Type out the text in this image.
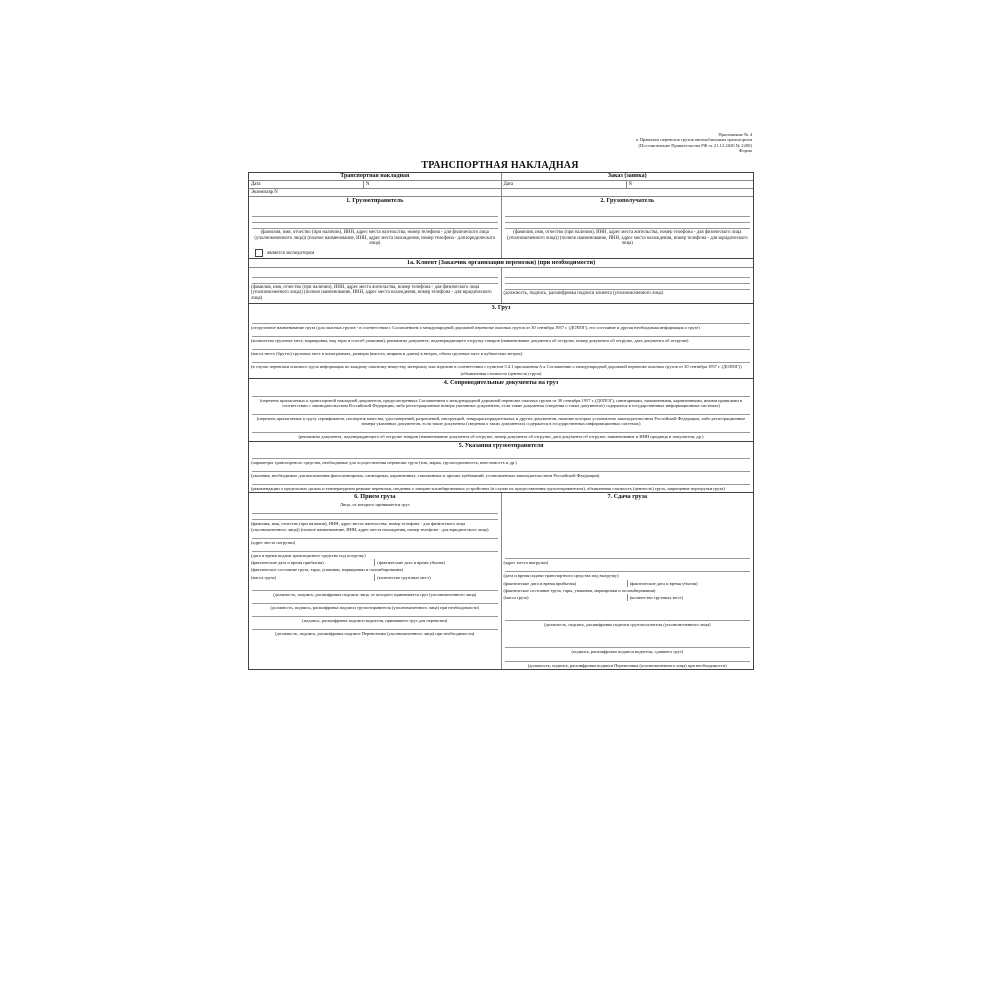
Приложение № 4
к Правилам перевозок грузов автомобильным транспортом
(Постановление Правительства РФ от 21.12.2020 № 2200)
Форма
ТРАНСПОРТНАЯ НАКЛАДНАЯ
Транспортная накладная
Дата	N
Экземпляр N
Заказ (заявка)
Дата	N
1. Грузоотправитель
(фамилия, имя, отчество (при наличии), ИНН, адрес места жительства, номер телефона - для физического лица (уполномоченного лица)) (полное наименование, ИНН, адрес места нахождения, номер телефона - для юридического лица)
является экспедитором
2. Грузополучатель
(фамилия, имя, отчество (при наличии), ИНН, адрес места жительства, номер телефона - для физического лица (уполномоченного лица)) (полное наименование, ИНН, адрес места нахождения, номер телефона - для юридического лица)
1а. Клиент (Заказчик организации перевозки) (при необходимости)
(фамилия, имя, отчество (при наличии), ИНН, адрес места жительства, номер телефона - для физического лица (уполномоченного лица)) (полное наименование, ИНН, адрес места нахождения, номер телефона - для юридического лица)
(должность, подпись, расшифровка подписи клиента (уполномоченного лица)
3. Груз
(отгрузочное наименование груза (для опасных грузов - в соответствии с Соглашением о международной дорожной перевозке опасных грузов от 30 сентября 1957 г. (ДОПОГ), его состояние и другая необходимая информация о грузе)
(количество грузовых мест, маркировка, вид тары и способ упаковки), реквизиты документа, подтверждающего отгрузку товаров (наименование документа об отгрузке, номер документа об отгрузке, дата документа об отгрузке)
(масса нетто (брутто) грузовых мест в килограммах, размеры (высота, ширина и длина) в метрах, объем грузовых мест в кубических метрах)
(в случае перевозки опасного груза информация по каждому опасному веществу, материалу или изделию в соответствии с пунктом 5.4.1 приложения А к Соглашению о международной дорожной перевозке опасных грузов от 30 сентября 1957 г. (ДОПОГ))
(объявленная стоимость (ценность) груза)
4. Сопроводительные документы на груз
(перечень прилагаемых к транспортной накладной документов, предусмотренных Соглашением о международной дорожной перевозке опасных грузов от 30 сентября 1957 г. (ДОПОГ), санитарными, таможенными, карантинными, иными правилами в соответствии с законодательством Российской Федерации, либо регистрационные номера указанных документов, если такие документы (сведения о таких документах) содержатся в государственных информационных системах)
(перечень прилагаемых к грузу сертификатов, паспортов качества, удостоверений, разрешений, инструкций, товарораспорядительных и других документов, наличие которых установлено законодательством Российской Федерации, либо регистрационные номера указанных документов, если такие документы (сведения о таких документах) содержатся в государственных информационных системах)
(реквизиты документа, подтверждающего об отгрузке товаров (наименование документа об отгрузке, номер документа об отгрузке, дата документа об отгрузке, наименование и ИНН продавца и покупателя, др.)
5. Указания грузоотправителя
(параметры транспортного средства, необходимые для осуществления перевозки груза (тип, марка, грузоподъемность, вместимость и др.)
(указания, необходимые для выполнения фитосанитарных, санитарных, карантинных, таможенных и прочих требований, установленных законодательством Российской Федерации)
(рекомендации о предельных сроках и температурном режиме перевозки, сведения о запорно-пломбировочных устройствах (в случае их предоставления грузоотправителем), объявленная стоимость (ценность) груза, запрещение перегрузки груза)
6. Прием груза
Лицо, от которого принимается груз
(фамилия, имя, отчество (при наличии), ИНН, адрес места жительства, номер телефона - для физического лица (уполномоченного лица)) (полное наименование, ИНН, адрес места нахождения, номер телефона - для юридического лица)
(адрес места погрузки)
(дата и время подачи транспортного средства под погрузку)
(фактические дата и время прибытия)	(фактические дата и время убытия)
(фактическое состояние груза, тары, упаковки, маркировки и опломбирования)
(масса груза)	(количество грузовых мест)
(должность, подпись, расшифровка подписи лица, от которого принимается груз (уполномоченного лица)
(должность, подпись, расшифровка подписи грузоотправителя (уполномоченного лица) при необходимости)
(подпись, расшифровка подписи водителя, принявшего груз для перевозки)
(должность, подпись, расшифровка подписи Перевозчика (уполномоченного лица) при необходимости)
7. Сдача груза
(адрес места выгрузки)
(дата и время подачи транспортного средства под выгрузку)
(фактические дата и время прибытия)	(фактические дата и время убытия)
(фактическое состояние груза, тары, упаковки, маркировки и опломбирования)
(масса груза)	(количество грузовых мест)
(должность, подпись, расшифровка подписи грузополучателя (уполномоченного лица)
(подпись, расшифровка подписи водителя, сдавшего груз)
(должность, подпись, расшифровка подписи Перевозчика (уполномоченного лица) при необходимости)
